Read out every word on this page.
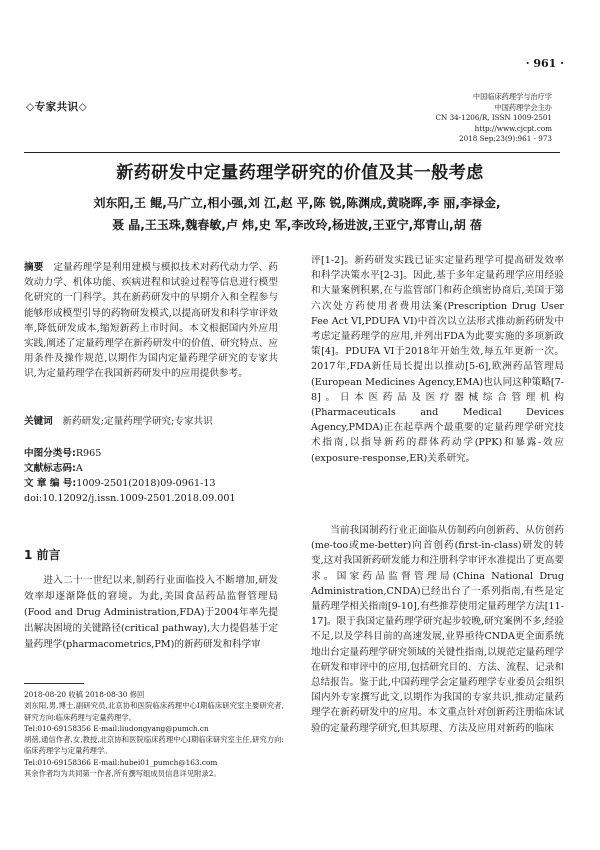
· 961 ·
◇专家共识◇
中国临床药理学与治疗学
中国药理学会主办
CN 34-1206/R, ISSN 1009-2501
http://www.cjcpt.com
2018 Sep;23(9):961 - 973
新药研发中定量药理学研究的价值及其一般考虑
刘东阳,王 鲲,马广立,相小强,刘 江,赵 平,陈 锐,陈渊成,黄晓晖,李 丽,李禄金,
聂 晶,王玉珠,魏春敏,卢 炜,史 军,李改玲,杨进波,王亚宁,郑青山,胡 蓓

摘要  定量药理学是利用建模与模拟技术对药代动力学、药效动力学、机体功能、疾病进程和试验过程等信息进行模型化研究的一门科学。其在新药研发中的早期介入和全程参与能够形成模型引导的药物研发模式,以提高研发和科学审评效率,降低研发成本,缩短新药上市时间。本文根据国内外应用实践,阐述了定量药理学在新药研发中的价值、研究特点、应用条件及操作规范,以期作为国内定量药理学研究的专家共识,为定量药理学在我国新药研发中的应用提供参考。

关键词  新药研发;定量药理学研究;专家共识

中图分类号:R965
文献标志码:A
文 章 编 号:1009-2501(2018)09-0961-13
doi:10.12092/j.issn.1009-2501.2018.09.001
1 前言

进入二十一世纪以来,制药行业面临投入不断增加,研发效率却逐渐降低的窘境。为此,美国食品药品监督管理局(Food and Drug Administration,FDA)于2004年率先提出解决困境的关键路径(critical pathway),大力提倡基于定量药理学(pharmacometrics,PM)的新药研发和科学审

2018-08-20 收稿 2018-08-30 修回
刘东阳,男,博士,副研究员,北京协和医院临床药理中心Ⅰ期临床研究室主要研究者,研究方向:临床药理与定量药理学。
Tel:010-69158356 E-mail:liudongyang@pumch.cn
胡蓓,通信作者,女,教授,北京协和医院临床药理中心Ⅰ期临床研究室主任,研究方向:临床药理学与定量药理学。
Tel:010-69158366 E-mail:hubei01_pumch@163.com
其余作者均为共同第一作者,所有撰写组成员信息详见附录2。

评[1-2]。新药研发实践已证实定量药理学可提高研发效率和科学决策水平[2-3]。因此,基于多年定量药理学应用经验和大量案例积累,在与监管部门和药企缜密协商后,美国于第六次处方药使用者费用法案(Prescription Drug User Fee Act VI,PDUFA VI)中首次以立法形式推动新药研发中考虑定量药理学的应用,并列出FDA为此要实施的多项新政策[4]。PDUFA VI于2018年开始生效,每五年更新一次。2017年,FDA新任局长提出以推动[5-6],欧洲药品管理局(European Medicines Agency,EMA)也认同这种策略[7-8]。日本医药品及医疗器械综合管理机构(Pharmaceuticals and Medical Devices Agency,PMDA)正在起草两个最重要的定量药理学研究技术指南,以指导新药的群体药动学(PPK)和暴露-效应(exposure-response,ER)关系研究。

当前我国制药行业正面临从仿制药向创新药、从仿创药(me-too或me-better)向首创药(first-in-class)研发的转变,这对我国新药研发能力和注册科学审评水准提出了更高要求。国家药品监督管理局(China National Drug Administration,CNDA)已经出台了一系列指南,有些是定量药理学相关指南[9-10],有些推荐使用定量药理学方法[11-17]。限于我国定量药理学研究起步较晚,研究案例不多,经验不足,以及学科目前的高速发展,业界亟待CNDA更全面系统地出台定量药理学研究领域的关键性指南,以规范定量药理学在研发和审评中的应用,包括研究目的、方法、流程、记录和总结报告。鉴于此,中国药理学会定量药理学专业委员会组织国内外专家撰写此文,以期作为我国的专家共识,推动定量药理学在新药研发中的应用。本文重点针对创新药注册临床试验的定量药理学研究,但其原理、方法及应用对新药的临床
